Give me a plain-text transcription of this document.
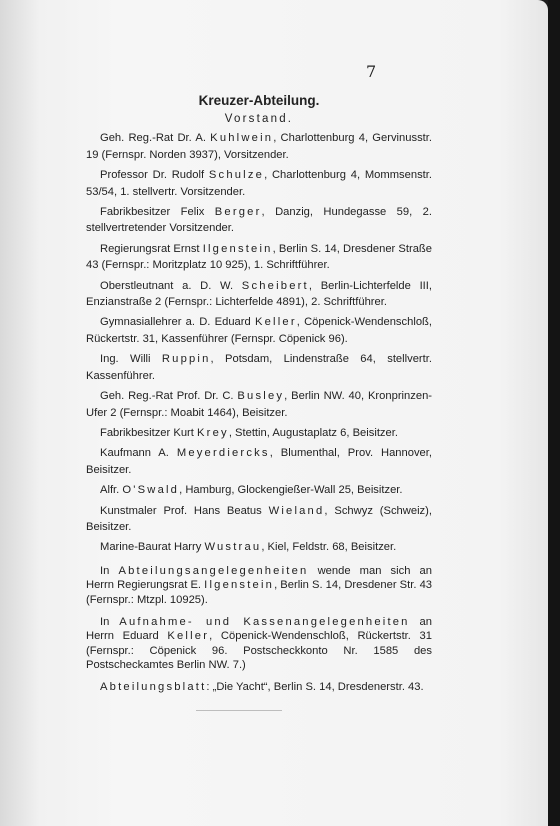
7
Kreuzer-Abteilung.
Vorstand.

Geh. Reg.-Rat Dr. A. Kuhlwein, Charlottenburg 4, Gervinusstr. 19 (Fernspr. Norden 3937), Vorsitzender.

Professor Dr. Rudolf Schulze, Charlottenburg 4, Mommsenstr. 53/54, 1. stellvertr. Vorsitzender.

Fabrikbesitzer Felix Berger, Danzig, Hundegasse 59, 2. stellvertretender Vorsitzender.

Regierungsrat Ernst Ilgenstein, Berlin S. 14, Dresdener Straße 43 (Fernspr.: Moritzplatz 10 925), 1. Schriftführer.

Oberstleutnant a. D. W. Scheibert, Berlin-Lichterfelde III, Enzianstraße 2 (Fernspr.: Lichterfelde 4891), 2. Schriftführer.

Gymnasiallehrer a. D. Eduard Keller, Cöpenick-Wendenschloß, Rückertstr. 31, Kassenführer (Fernspr. Cöpenick 96).

Ing. Willi Ruppin, Potsdam, Lindenstraße 64, stellvertr. Kassenführer.

Geh. Reg.-Rat Prof. Dr. C. Busley, Berlin NW. 40, Kronprinzen-Ufer 2 (Fernspr.: Moabit 1464), Beisitzer.

Fabrikbesitzer Kurt Krey, Stettin, Augustaplatz 6, Beisitzer.

Kaufmann A. Meyerdiercks, Blumenthal, Prov. Hannover, Beisitzer.

Alfr. O'Swald, Hamburg, Glockengießer-Wall 25, Beisitzer.

Kunstmaler Prof. Hans Beatus Wieland, Schwyz (Schweiz), Beisitzer.

Marine-Baurat Harry Wustrau, Kiel, Feldstr. 68, Beisitzer.

In Abteilungsangelegenheiten wende man sich an Herrn Regierungsrat E. Ilgenstein, Berlin S. 14, Dresdener Str. 43 (Fernspr.: Mtzpl. 10925).

In Aufnahme- und Kassenangelegenheiten an Herrn Eduard Keller, Cöpenick-Wendenschloß, Rückertstr. 31 (Fernspr.: Cöpenick 96. Postscheckkonto Nr. 1585 des Postscheckamtes Berlin NW. 7.)

Abteilungsblatt: „Die Yacht“, Berlin S. 14, Dresdenerstr. 43.
